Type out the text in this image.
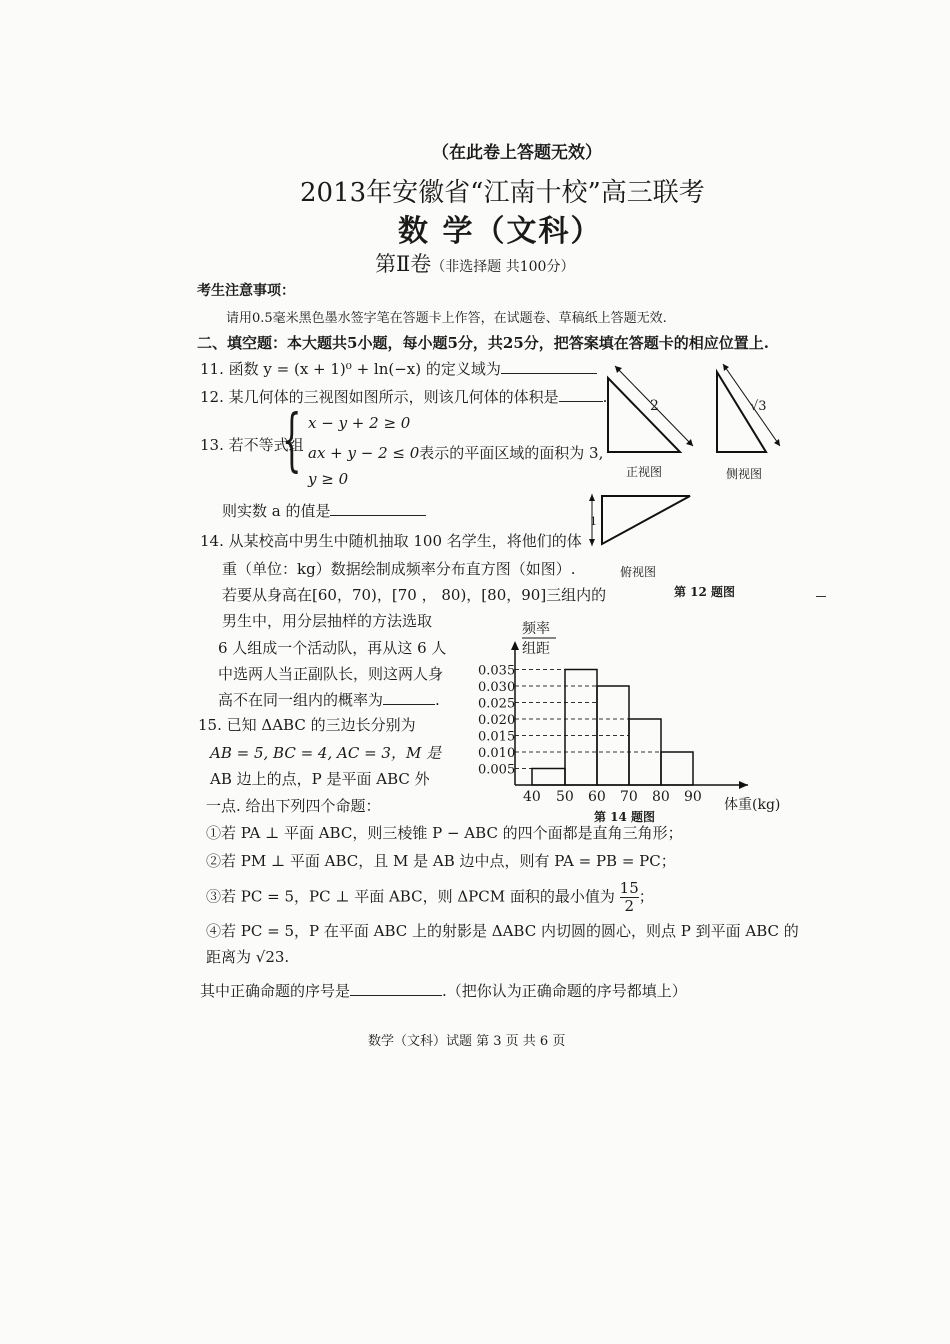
（在此卷上答题无效）
2013年安徽省“江南十校”高三联考
数 学（文科）
第Ⅱ卷（非选择题 共100分）
考生注意事项：
请用0.5毫米黑色墨水签字笔在答题卡上作答，在试题卷、草稿纸上答题无效.
二、填空题：本大题共5小题，每小题5分，共25分，把答案填在答题卡的相应位置上.
11. 函数 y = (x + 1)⁰ + ln(−x) 的定义域为
12. 某几何体的三视图如图所示，则该几何体的体积是	.
13. 若不等式组
{ x − y + 2 ≥ 0
ax + y − 2 ≤ 0表示的平面区域的面积为 3,
y ≥ 0
则实数 a 的值是
14. 从某校高中男生中随机抽取 100 名学生，将他们的体
重（单位：kg）数据绘制成频率分布直方图（如图）.
若要从身高在[60，70)，[70 ， 80)，[80，90]三组内的
男生中，用分层抽样的方法选取
6 人组成一个活动队，再从这 6 人
中选两人当正副队长，则这两人身
高不在同一组内的概率为	.
15. 已知 ΔABC 的三边长分别为
AB = 5, BC = 4, AC = 3，M 是
AB 边上的点，P 是平面 ABC 外
一点. 给出下列四个命题：
①若 PA ⊥ 平面 ABC，则三棱锥 P − ABC 的四个面都是直角三角形；
②若 PM ⊥ 平面 ABC，且 M 是 AB 边中点，则有 PA = PB = PC；
③若 PC = 5，PC ⊥ 平面 ABC，则 ΔPCM 面积的最小值为 $\frac{15}{2}$ ；
④若 PC = 5，P 在平面 ABC 上的射影是 ΔABC 内切圆的圆心，则点 P 到平面 ABC 的
距离为 √23.
其中正确命题的序号是	.（把你认为正确命题的序号都填上）
数学（文科）试题 第 3 页 共 6 页
2
正视图
√3
侧视图
1
俯视图
第 12 题图
频率
组距
0.035
0.030
0.025
0.020
0.015
0.010
0.005
40 50 60 70 80 90 体重(kg)
第 14 题图
